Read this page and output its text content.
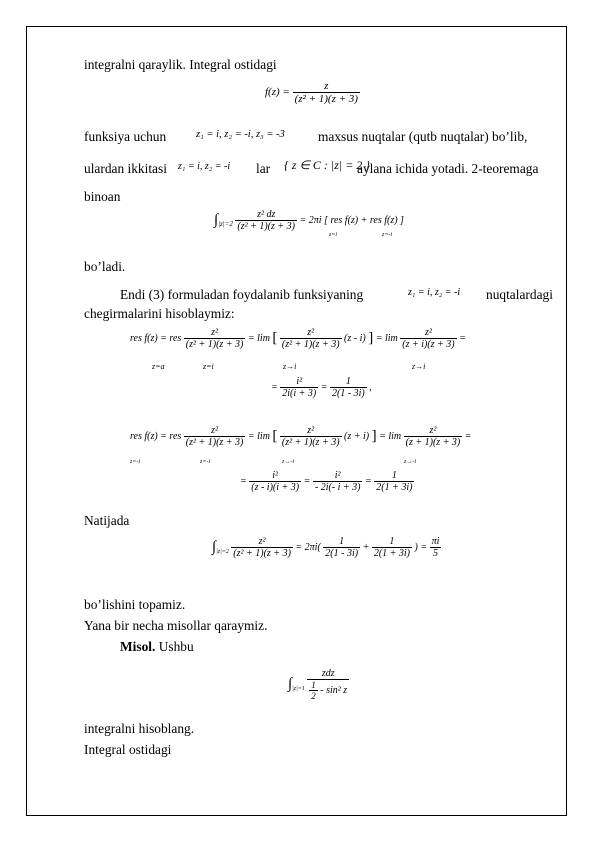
integralni qaraylik. Integral ostidagi
$f(z) = \frac{z}{\text{(z² + 1)(z + 3)}}$
funksiya uchun	z₁ = i, z₂ = -i, z₃ = -3 maxsus nuqtalar (qutb nuqtalar) bo’lib,
ulardan ikkitasi z₁ = i, z₂ = -i lar { z ∈ C : |z| = 2 }
aylana ichida yotadi. 2-teoremaga
binoan
$\int_{|z|=2} \frac{\text{z² dz}}{\text{(z² + 1)(z + 3)}} = 2\pi i$ [ res f(z) + res f(z) ]
z=i	z=-i
bo’ladi.
Endi (3) formuladan foydalanib funksiyaning	z₁ = i, z₂ = -i nuqtalardagi
chegirmalarini hisoblaymiz:
res f(z) = res $\frac{\text{z²}}{\text{(z² + 1)(z + 3)}} = \lim$ [ $\frac{\text{z²}}{\text{(z² + 1)(z + 3)}} (z - i)$ ] = $\lim \frac{\text{z²}}{(z + i)(z + 3)}$ =
z=a	z=i	z→i	z→i
= $\frac{\text{i²}}{2i(i + 3)} = \frac{1}{2(1 - 3i)}$ ,
res f(z) = res $\frac{\text{z²}}{\text{(z² + 1)(z + 3)}} = \lim$ [ $\frac{\text{z²}}{\text{(z² + 1)(z + 3)}} (z + i)$ ] = $\lim \frac{\text{z²}}{(z + 1)(z + 3)}$ =
z=-i	z=-i	z→-i	z→-i
= $\frac{\text{i²}}{(z - i)(i + 3)} = \frac{\text{i²}}{- 2i(- i + 3)} = \frac{1}{2(1 + 3i)}$
Natijada
$\int_{|z|=2} \frac{\text{z²}}{\text{(z² + 1)(z + 3)}} = 2\pi i( \frac{1}{2(1 - 3i)} + \frac{1}{2(1 + 3i)}$ ) = $\frac{\pi i}{5}$
bo’lishini topamiz.
Yana bir necha misollar qaraymiz.
Misol. Ushbu
$\int_{|z|=1} \frac{\text{zdz}}{\frac{1}{2} - \sin^2 z}$
integralni hisoblang.
Integral ostidagi
